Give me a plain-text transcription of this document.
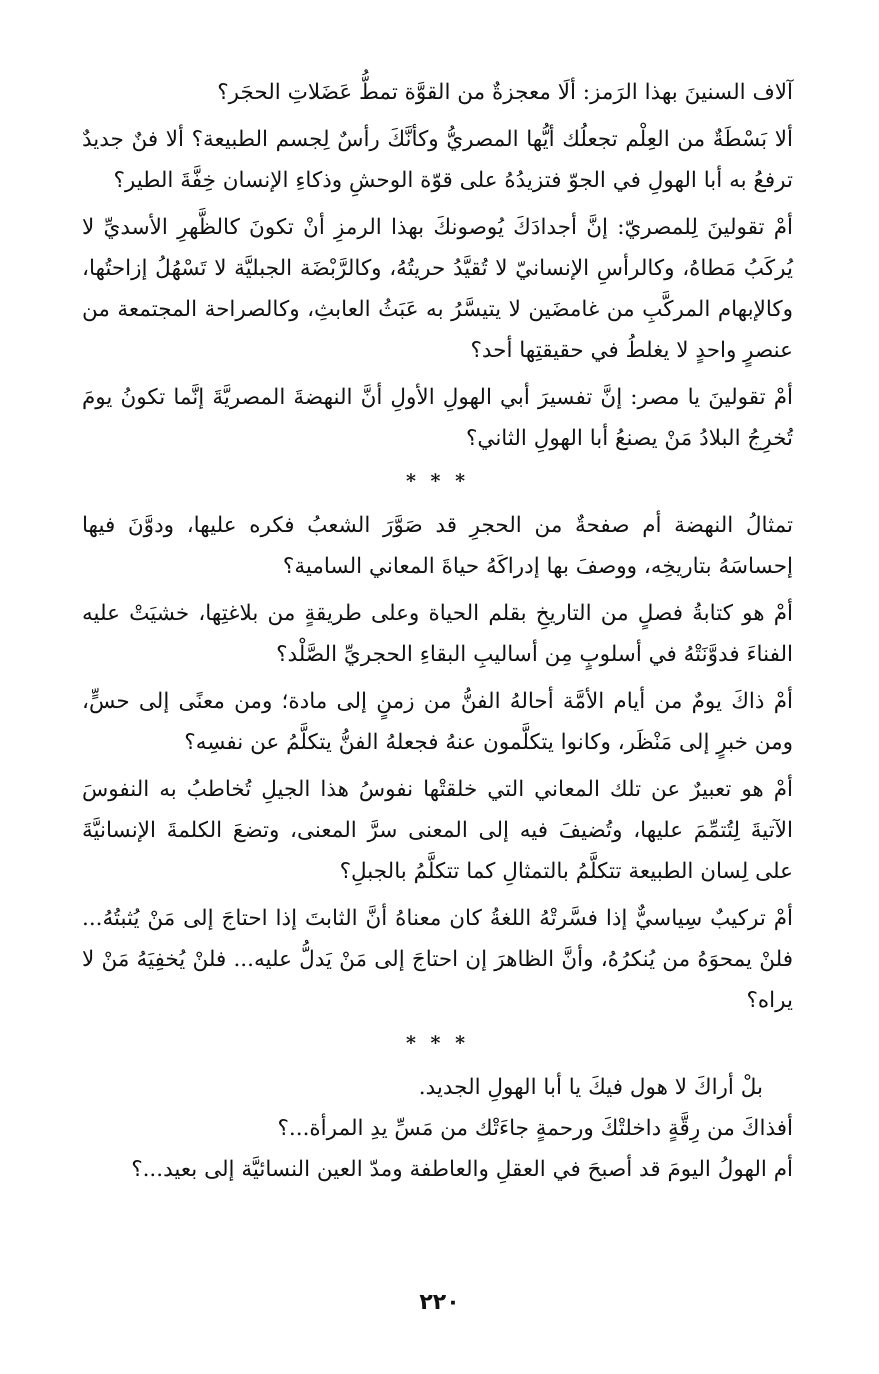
آلاف السنينَ بهذا الرَمز: ألَا معجزةٌ من القوَّة تمطُّ عَضَلاتِ الحجَر؟

ألا بَسْطَةٌ من العِلْم تجعلُك أيُّها المصريُّ وكأنَّكَ رأسٌ لِجسم الطبيعة؟ ألا فنٌ جديدٌ ترفعُ به أبا الهولِ في الجوّ فتزيدُهُ على قوّة الوحشِ وذكاءِ الإنسان خِفَّةَ الطير؟

أمْ تقولينَ لِلمصريّ: إنَّ أجدادَكَ يُوصونكَ بهذا الرمزِ أنْ تكونَ كالظَّهرِ الأسديِّ لا يُركَبُ مَطاهُ، وكالرأسِ الإنسانيّ لا تُقيَّدُ حريتُهُ، وكالرَّبْضَة الجبليَّة لا تَسْهُلُ إزاحتُها، وكالإبهام المركَّبِ من غامضَين لا يتيسَّرُ به عَبَثُ العابثِ، وكالصراحة المجتمعة من عنصرٍ واحدٍ لا يغلطُ في حقيقتِها أحد؟

أمْ تقولينَ يا مصر: إنَّ تفسيرَ أبي الهولِ الأولِ أنَّ النهضةَ المصريَّةَ إنَّما تكونُ يومَ تُخرِجُ البلادُ مَنْ يصنعُ أبا الهولِ الثاني؟

* * *

تمثالُ النهضة أم صفحةٌ من الحجرِ قد صَوَّرَ الشعبُ فكره عليها، ودوَّنَ فيها إحساسَهُ بتاريخِه، ووصفَ بها إدراكَهُ حياةَ المعاني السامية؟

أمْ هو كتابةُ فصلٍ من التاريخِ بقلم الحياة وعلى طريقةٍ من بلاغتِها، خشيَتْ عليه الفناءَ فدوَّنَتْهُ في أسلوبٍ مِن أساليبِ البقاءِ الحجريِّ الصَّلْد؟

أمْ ذاكَ يومٌ من أيام الأمَّة أحالهُ الفنُّ من زمنٍ إلى مادة؛ ومن معنًى إلى حسٍّ، ومن خبرٍ إلى مَنْظَر، وكانوا يتكلَّمون عنهُ فجعلهُ الفنُّ يتكلَّمُ عن نفسِه؟

أمْ هو تعبيرٌ عن تلك المعاني التي خلقتْها نفوسُ هذا الجيلِ تُخاطبُ به النفوسَ الآتيةَ لِتُتمِّمَ عليها، وتُضيفَ فيه إلى المعنى سرَّ المعنى، وتضعَ الكلمةَ الإنسانيَّةَ على لِسان الطبيعة تتكلَّمُ بالتمثالِ كما تتكلَّمُ بالجبلِ؟

أمْ تركيبٌ سِياسيٌّ إذا فسَّرتْهُ اللغةُ كان معناهُ أنَّ الثابتَ إذا احتاجَ إلى مَنْ يُثبتُهُ... فلنْ يمحوَهُ من يُنكرُهُ، وأنَّ الظاهرَ إن احتاجَ إلى مَنْ يَدلُّ عليه... فلنْ يُخفِيَهُ مَنْ لا يراه؟

* * *

بلْ أراكَ لا هول فيكَ يا أبا الهولِ الجديد.

أفذاكَ من رِقَّةٍ داخلتْكَ ورحمةٍ جاءَتْك من مَسِّ يدِ المرأة...؟

أم الهولُ اليومَ قد أصبحَ في العقلِ والعاطفة ومدّ العين النسائيَّة إلى بعيد...؟

٢٢٠
